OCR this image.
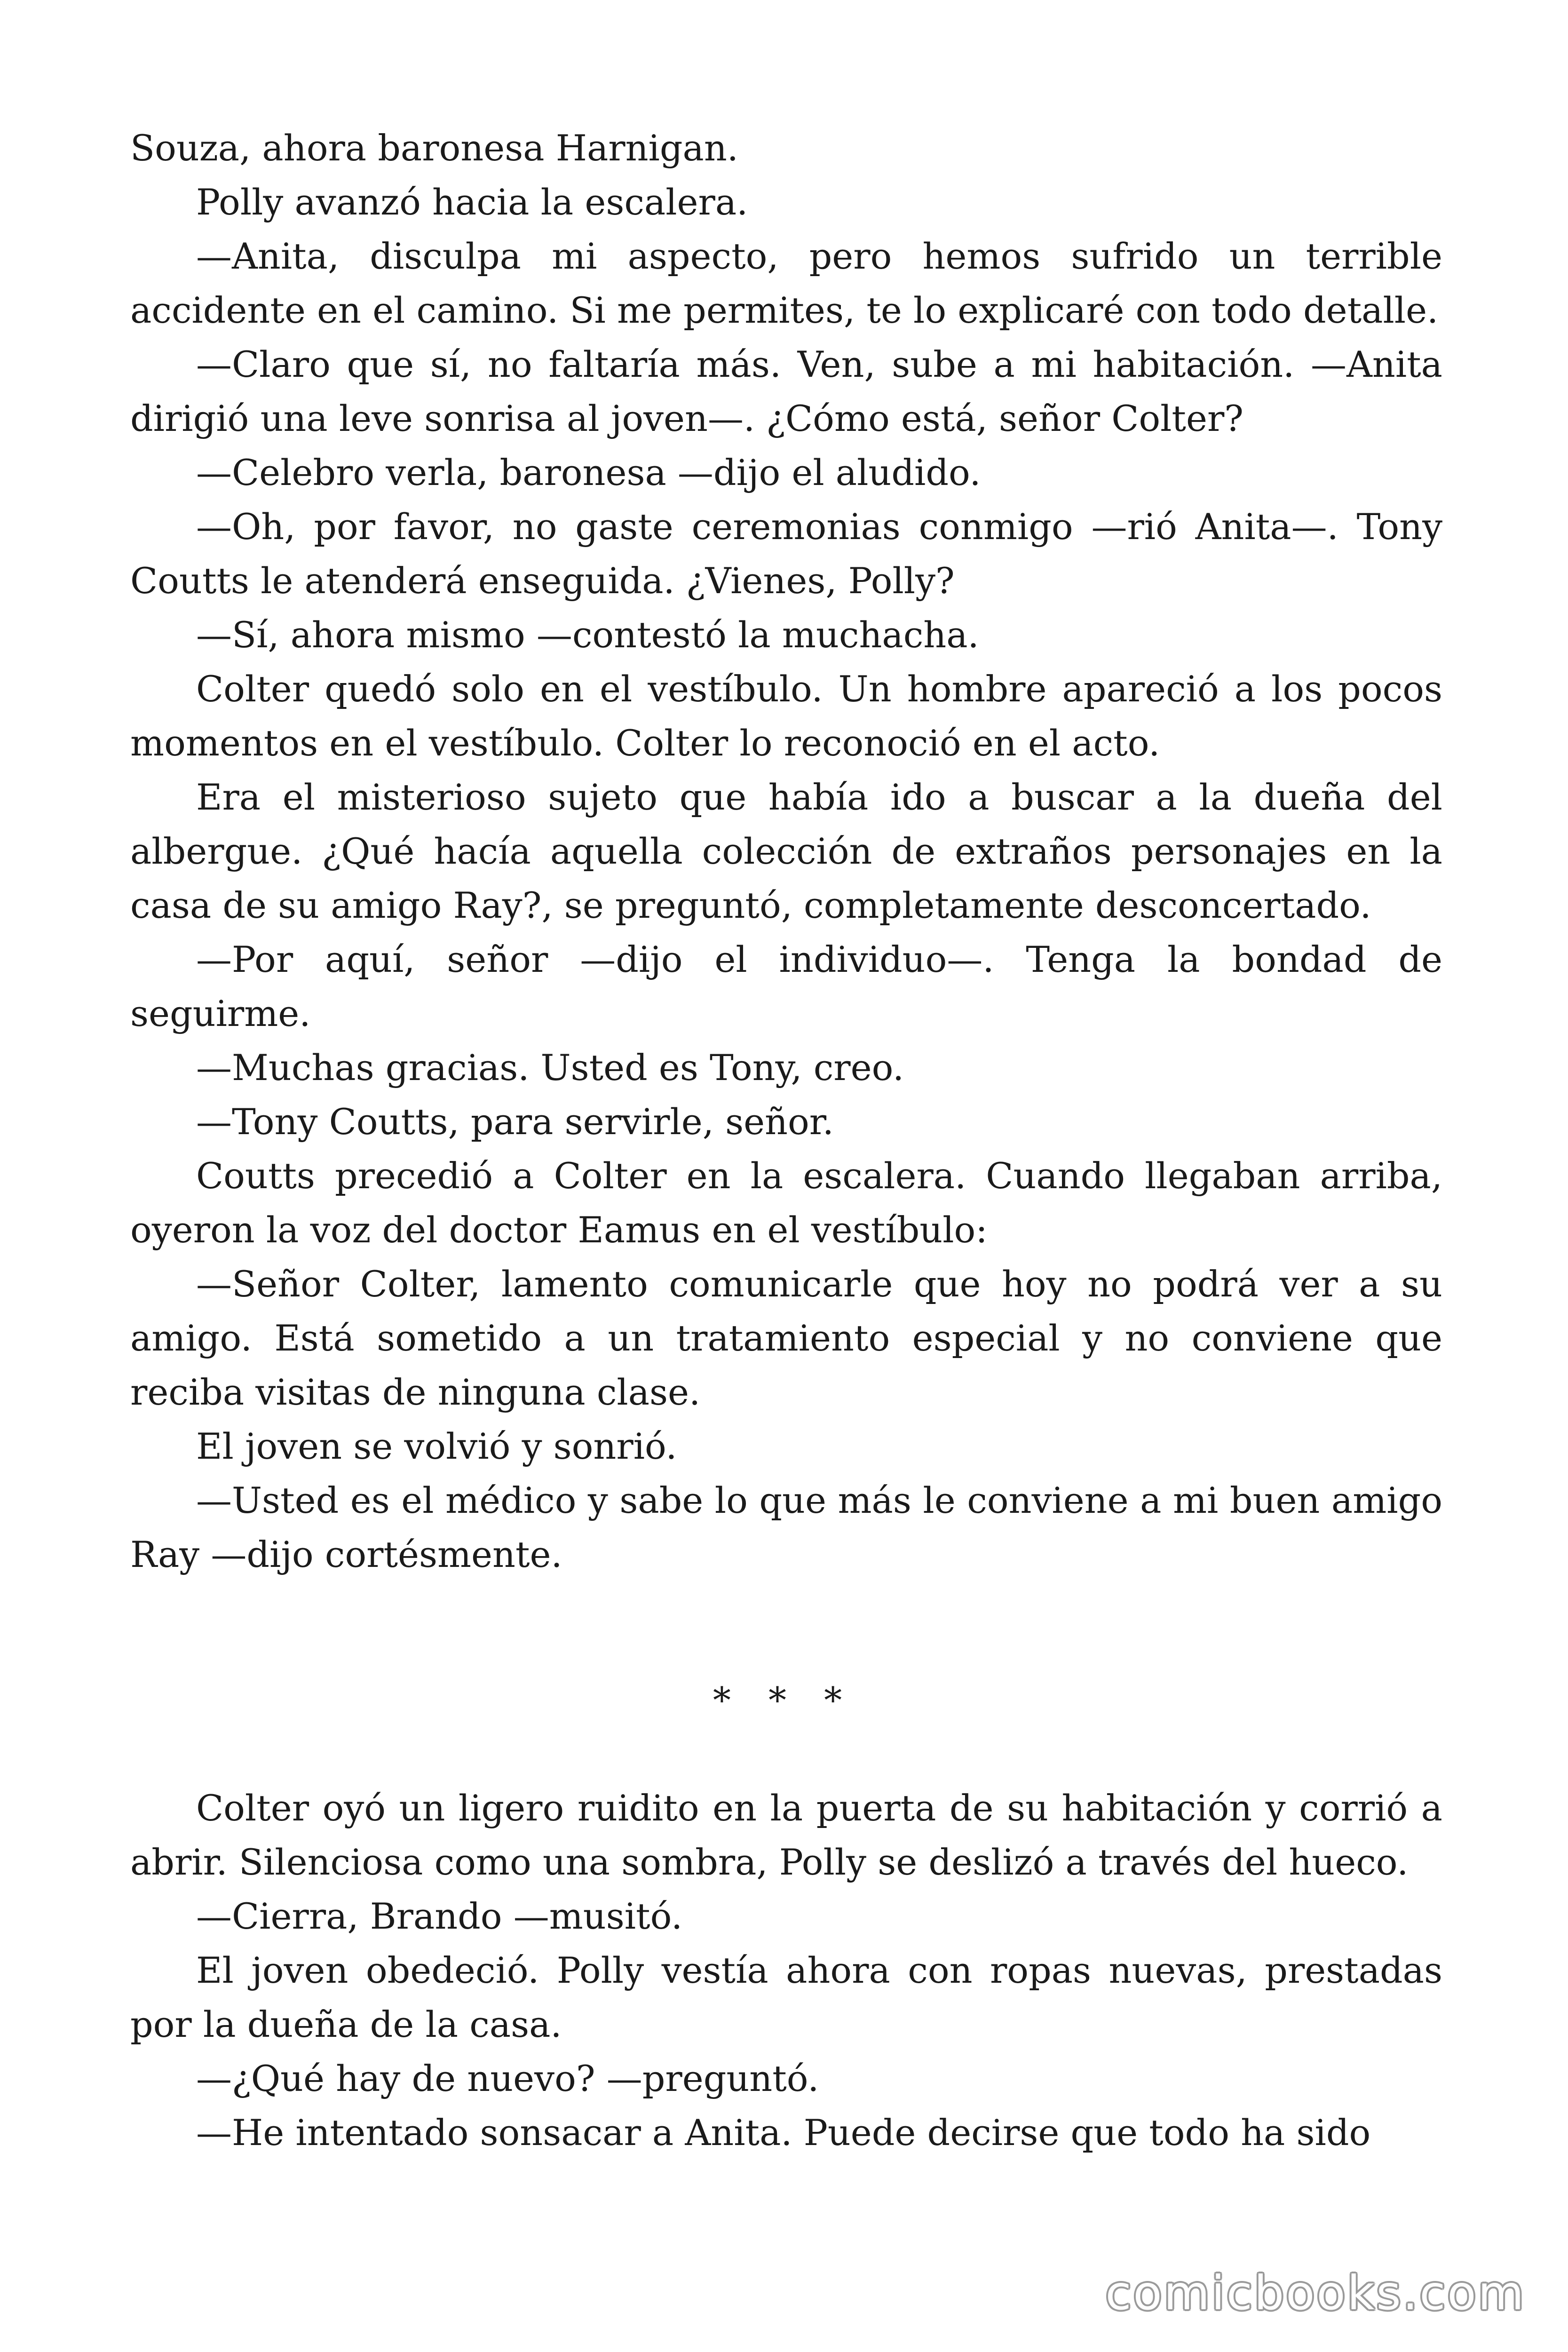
Souza, ahora baronesa Harnigan.

Polly avanzó hacia la escalera.

—Anita, disculpa mi aspecto, pero hemos sufrido un terrible accidente en el camino. Si me permites, te lo explicaré con todo detalle.

—Claro que sí, no faltaría más. Ven, sube a mi habitación. —Anita dirigió una leve sonrisa al joven—. ¿Cómo está, señor Colter?

—Celebro verla, baronesa —dijo el aludido.

—Oh, por favor, no gaste ceremonias conmigo —rió Anita—. Tony Coutts le atenderá enseguida. ¿Vienes, Polly?

—Sí, ahora mismo —contestó la muchacha.

Colter quedó solo en el vestíbulo. Un hombre apareció a los pocos momentos en el vestíbulo. Colter lo reconoció en el acto.

Era el misterioso sujeto que había ido a buscar a la dueña del albergue. ¿Qué hacía aquella colección de extraños personajes en la casa de su amigo Ray?, se preguntó, completamente desconcertado.

—Por aquí, señor —dijo el individuo—. Tenga la bondad de seguirme.

—Muchas gracias. Usted es Tony, creo.

—Tony Coutts, para servirle, señor.

Coutts precedió a Colter en la escalera. Cuando llegaban arriba, oyeron la voz del doctor Eamus en el vestíbulo:

—Señor Colter, lamento comunicarle que hoy no podrá ver a su amigo. Está sometido a un tratamiento especial y no conviene que reciba visitas de ninguna clase.

El joven se volvió y sonrió.

—Usted es el médico y sabe lo que más le conviene a mi buen amigo Ray —dijo cortésmente.

* * *

Colter oyó un ligero ruidito en la puerta de su habitación y corrió a abrir. Silenciosa como una sombra, Polly se deslizó a través del hueco.

—Cierra, Brando —musitó.

El joven obedeció. Polly vestía ahora con ropas nuevas, prestadas por la dueña de la casa.

—¿Qué hay de nuevo? —preguntó.

—He intentado sonsacar a Anita. Puede decirse que todo ha sido

comicbooks.com
